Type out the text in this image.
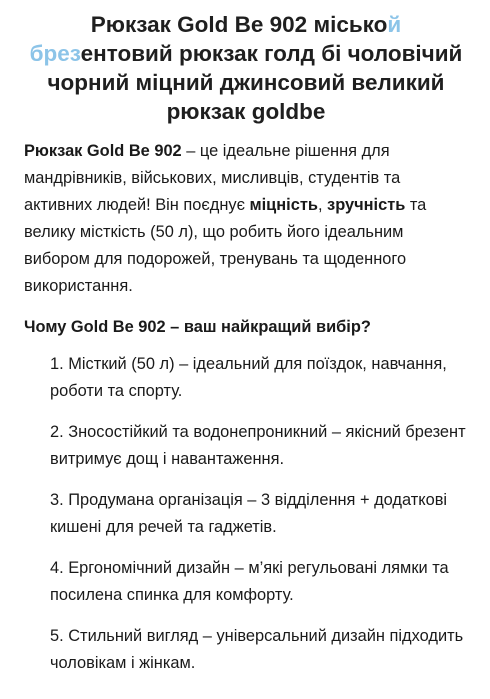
Рюкзак Gold Be 902 міськой брезентовий рюкзак голд бі чоловічий чорний міцний джинсовий великий рюкзак goldbe

Рюкзак Gold Be 902 – це ідеальне рішення для мандрівників, військових, мисливців, студентів та активних людей! Він поєднує міцність, зручність та велику місткість (50 л), що робить його ідеальним вибором для подорожей, тренувань та щоденного використання.

Чому Gold Be 902 – ваш найкращий вибір?
1. Місткий (50 л) – ідеальний для поїздок, навчання, роботи та спорту.
2. Зносостійкий та водонепроникний – якісний брезент витримує дощ і навантаження.
3. Продумана організація – 3 відділення + додаткові кишені для речей та гаджетів.
4. Ергономічний дизайн – м’які регульовані лямки та посилена спинка для комфорту.
5. Стильний вигляд – універсальний дизайн підходить чоловікам і жінкам.
